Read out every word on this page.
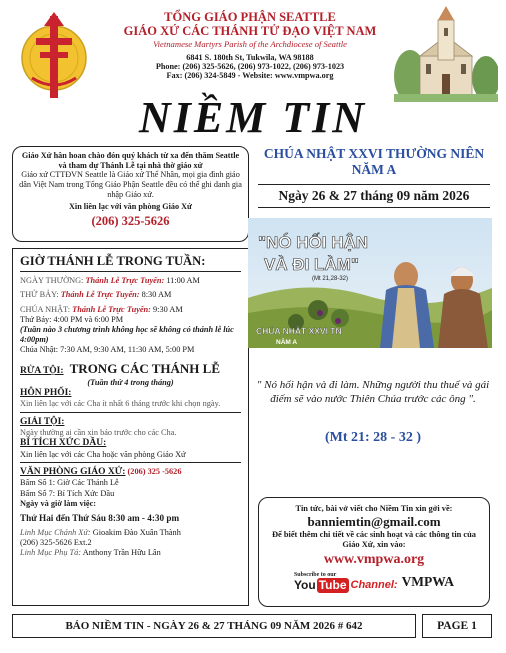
TỔNG GIÁO PHẬN SEATTLE
GIÁO XỨ CÁC THÁNH TỬ ĐẠO VIỆT NAM
Vietnamese Martyrs Parish of the Archdiocese of Seattle
6841 S. 180th St, Tukwila, WA 98188
Phone: (206) 325-5626, (206) 973-1022, (206) 973-1023
Fax: (206) 324-5849 - Website: www.vmpwa.org
NIỀM TIN
Giáo Xứ hân hoan chào đón quý khách từ xa đến thăm Seattle và tham dự Thánh Lễ tại nhà thờ giáo xứ
Giáo xứ CTTĐVN Seattle là Giáo xứ Thể Nhân, mọi gia đình giáo dân Việt Nam trong Tổng Giáo Phận Seattle đều có thể ghi danh gia nhập Giáo xứ.
Xin liên lạc với văn phòng Giáo Xứ
(206) 325-5626
GIỜ THÁNH LỄ TRONG TUẦN:
NGÀY THƯỜNG: Thánh Lễ Trực Tuyến: 11:00 AM
THỨ BẢY: Thánh Lễ Trực Tuyến: 8:30 AM
CHÚA NHẬT: Thánh Lễ Trực Tuyến: 9:30 AM
Thứ Bảy: 4:00 PM và 6:00 PM
(Tuần nào 3 chương trình không học sẽ không có thánh lễ lúc 4:00pm)
Chúa Nhật: 7:30 AM, 9:30 AM, 11:30 AM, 5:00 PM
RỬA TỘI: TRONG CÁC THÁNH LỄ
(Tuần thứ 4 trong tháng)
HÔN PHỐI:
Xin liên lạc với các Cha ít nhất 6 tháng trước khi chọn ngày.
GIẢI TỘI:
Ngày thường ai cần xin báo trước cho các Cha.
BÍ TÍCH XỨC DẦU:
Xin liên lạc với các Cha hoặc văn phòng Giáo Xứ
VĂN PHÒNG GIÁO XỨ: (206) 325 -5626
Bấm Số 1: Giờ Các Thánh Lễ
Bấm Số 7: Bí Tích Xức Dầu
Ngày và giờ làm việc:
Thứ Hai đến Thứ Sáu 8:30 am - 4:30 pm
Linh Mục Chánh Xứ: Gioakim Đào Xuân Thành
(206) 325-5626 Ext.2
Linh Mục Phụ Tá: Anthony Trần Hữu Lân
CHÚA NHẬT XXVI THƯỜNG NIÊN NĂM A
Ngày 26 & 27 tháng 09 năm 2026
"NÓ HỐI HẬN
VÀ ĐI LÀM"
(Mt 21,28-32)
CHÚA NHẬT XXVI TN
NĂM A
" Nó hối hận và đi làm. Những người thu thuế và gái điếm sẽ vào nước Thiên Chúa trước các ông ".
(Mt 21: 28 - 32 )
Tin tức, bài vở viết cho Niềm Tin xin gởi về:
banniemtin@gmail.com
Để biết thêm chi tiết về các sinh hoạt và các thông tin của Giáo Xứ, xin vào:
www.vmpwa.org
Subscribe to our
You Tube Channel: VMPWA
BÁO NIỀM TIN - NGÀY 26 & 27 THÁNG 09 NĂM 2026 # 642	PAGE 1
